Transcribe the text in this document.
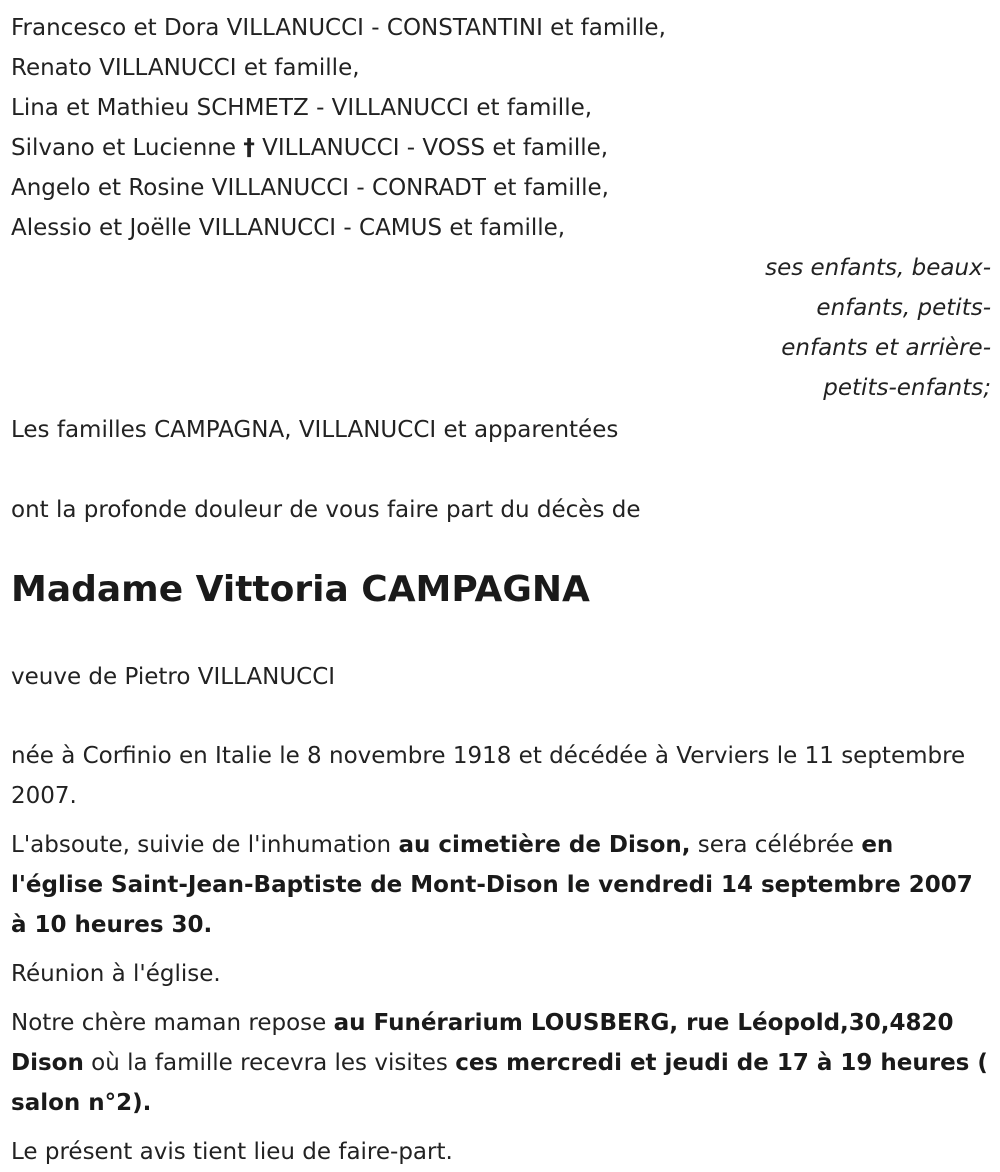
Francesco et Dora VILLANUCCI - CONSTANTINI et famille,
Renato VILLANUCCI et famille,
Lina et Mathieu SCHMETZ - VILLANUCCI et famille,
Silvano et Lucienne † VILLANUCCI - VOSS et famille,
Angelo et Rosine VILLANUCCI - CONRADT et famille,
Alessio et Joëlle VILLANUCCI - CAMUS et famille,
ses enfants, beaux-
enfants, petits-
enfants et arrière-
petits-enfants;
Les familles CAMPAGNA, VILLANUCCI et apparentées
ont la profonde douleur de vous faire part du décès de
Madame Vittoria CAMPAGNA
veuve de Pietro VILLANUCCI
née à Corfinio en Italie le 8 novembre 1918 et décédée à Verviers le 11 septembre 2007.
L'absoute, suivie de l'inhumation au cimetière de Dison, sera célébrée en l'église Saint-Jean-Baptiste de Mont-Dison le vendredi 14 septembre 2007 à 10 heures 30.
Réunion à l'église.
Notre chère maman repose au Funérarium LOUSBERG, rue Léopold,30,4820 Dison où la famille recevra les visites ces mercredi et jeudi de 17 à 19 heures ( salon n°2).
Le présent avis tient lieu de faire-part.
